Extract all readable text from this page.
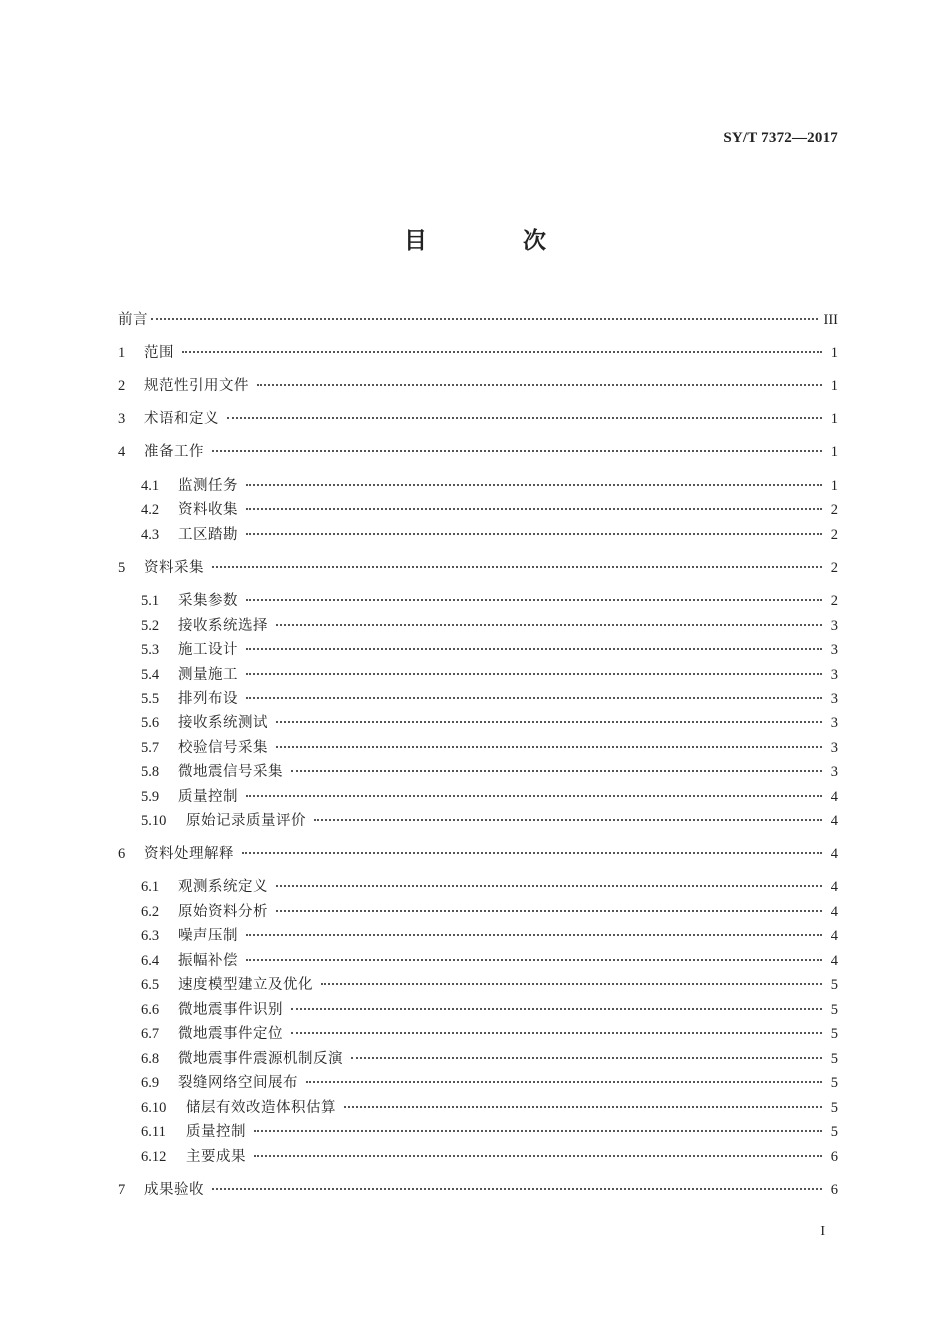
SY/T 7372—2017
目 次
前言	III
1	范围	1
2	规范性引用文件	1
3	术语和定义	1
4	准备工作	1
4.1	监测任务	1
4.2	资料收集	2
4.3	工区踏勘	2
5	资料采集	2
5.1	采集参数	2
5.2	接收系统选择	3
5.3	施工设计	3
5.4	测量施工	3
5.5	排列布设	3
5.6	接收系统测试	3
5.7	校验信号采集	3
5.8	微地震信号采集	3
5.9	质量控制	4
5.10	原始记录质量评价	4
6	资料处理解释	4
6.1	观测系统定义	4
6.2	原始资料分析	4
6.3	噪声压制	4
6.4	振幅补偿	4
6.5	速度模型建立及优化	5
6.6	微地震事件识别	5
6.7	微地震事件定位	5
6.8	微地震事件震源机制反演	5
6.9	裂缝网络空间展布	5
6.10	储层有效改造体积估算	5
6.11	质量控制	5
6.12	主要成果	6
7	成果验收	6
I
